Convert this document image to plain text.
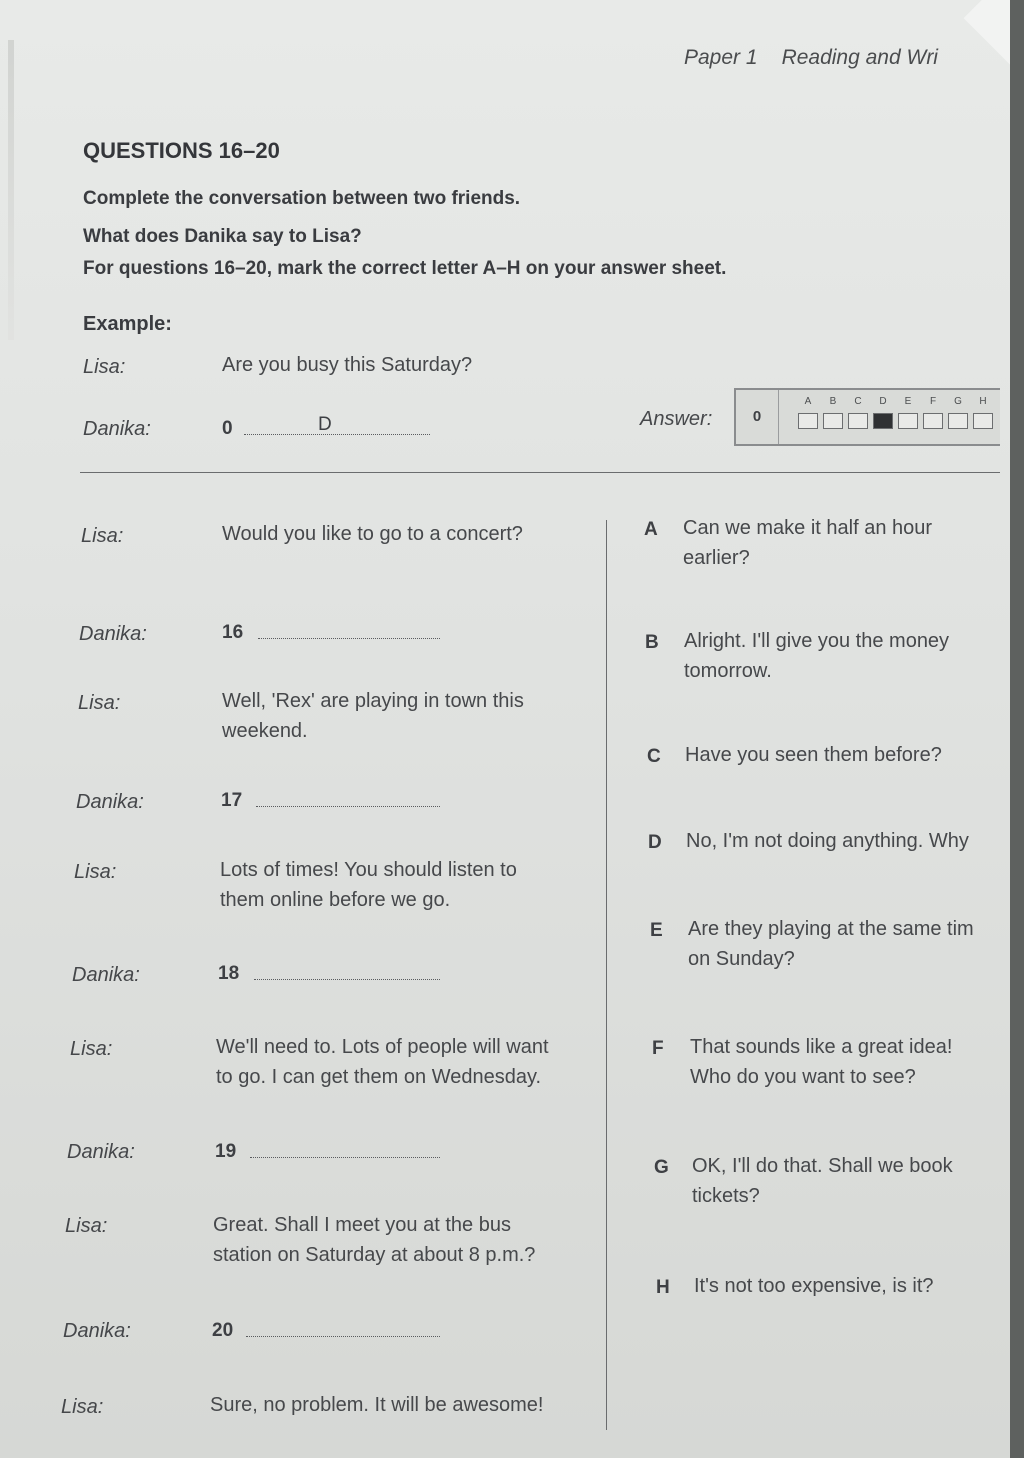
Paper 1 Reading and Wri
QUESTIONS 16–20
Complete the conversation between two friends.
What does Danika say to Lisa?
For questions 16–20, mark the correct letter A–H on your answer sheet.
Example:
Lisa:	Are you busy this Saturday?
Danika:	0	D	Answer:	0
A	B	C	D	E	F	G	H
Lisa:	Would you like to go to a concert?
Danika:	16
Lisa:	Well, 'Rex' are playing in town this
weekend.
Danika:	17
Lisa:	Lots of times! You should listen to
them online before we go.
Danika:	18
Lisa:	We'll need to. Lots of people will want
to go. I can get them on Wednesday.
Danika:	19
Lisa:	Great. Shall I meet you at the bus
station on Saturday at about 8 p.m.?
Danika:	20
Lisa:	Sure, no problem. It will be awesome!
A Can we make it half an hour
earlier?
B Alright. I'll give you the money
tomorrow.
C Have you seen them before?
D No, I'm not doing anything. Why
E Are they playing at the same tim
on Sunday?
F That sounds like a great idea!
Who do you want to see?
G OK, I'll do that. Shall we book
tickets?
H It's not too expensive, is it?
